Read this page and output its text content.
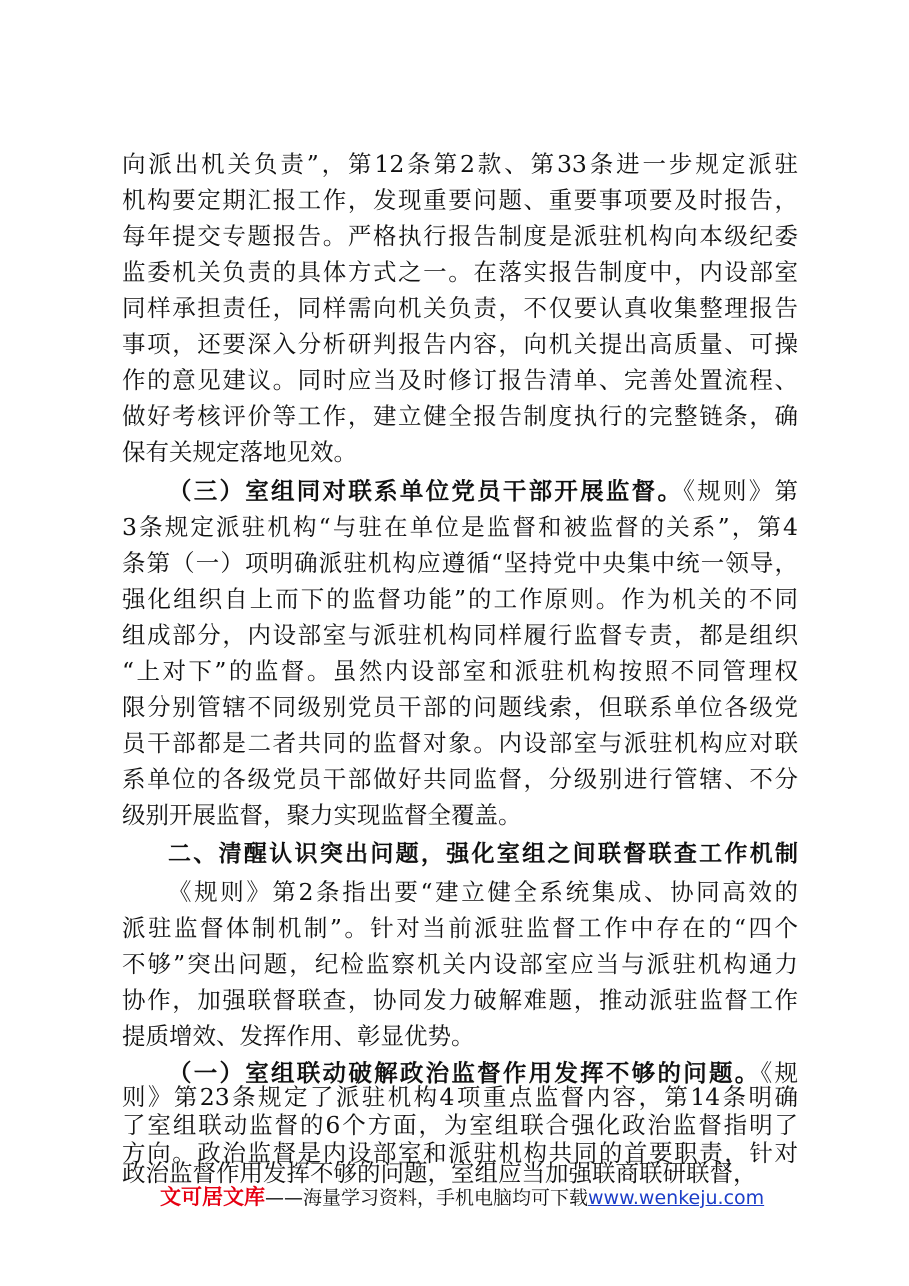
向派出机关负责”，第12条第2款、第33条进一步规定派驻
机构要定期汇报工作，发现重要问题、重要事项要及时报告，
每年提交专题报告。严格执行报告制度是派驻机构向本级纪委
监委机关负责的具体方式之一。在落实报告制度中，内设部室
同样承担责任，同样需向机关负责，不仅要认真收集整理报告
事项，还要深入分析研判报告内容，向机关提出高质量、可操
作的意见建议。同时应当及时修订报告清单、完善处置流程、
做好考核评价等工作，建立健全报告制度执行的完整链条，确
保有关规定落地见效。
（三）室组同对联系单位党员干部开展监督。《规则》第
3条规定派驻机构“与驻在单位是监督和被监督的关系”，第4
条第（一）项明确派驻机构应遵循“坚持党中央集中统一领导，
强化组织自上而下的监督功能”的工作原则。作为机关的不同
组成部分，内设部室与派驻机构同样履行监督专责，都是组织
“上对下”的监督。虽然内设部室和派驻机构按照不同管理权
限分别管辖不同级别党员干部的问题线索，但联系单位各级党
员干部都是二者共同的监督对象。内设部室与派驻机构应对联
系单位的各级党员干部做好共同监督，分级别进行管辖、不分
级别开展监督，聚力实现监督全覆盖。
二、清醒认识突出问题，强化室组之间联督联查工作机制
《规则》第2条指出要“建立健全系统集成、协同高效的
派驻监督体制机制”。针对当前派驻监督工作中存在的“四个
不够”突出问题，纪检监察机关内设部室应当与派驻机构通力
协作，加强联督联查，协同发力破解难题，推动派驻监督工作
提质增效、发挥作用、彰显优势。
（一）室组联动破解政治监督作用发挥不够的问题。《规
则》第23条规定了派驻机构4项重点监督内容，第14条明确
了室组联动监督的6个方面，为室组联合强化政治监督指明了
方向。政治监督是内设部室和派驻机构共同的首要职责，针对
政治监督作用发挥不够的问题，室组应当加强联商联研联督，
文可居文库——海量学习资料，手机电脑均可下载www.wenkeju.com
